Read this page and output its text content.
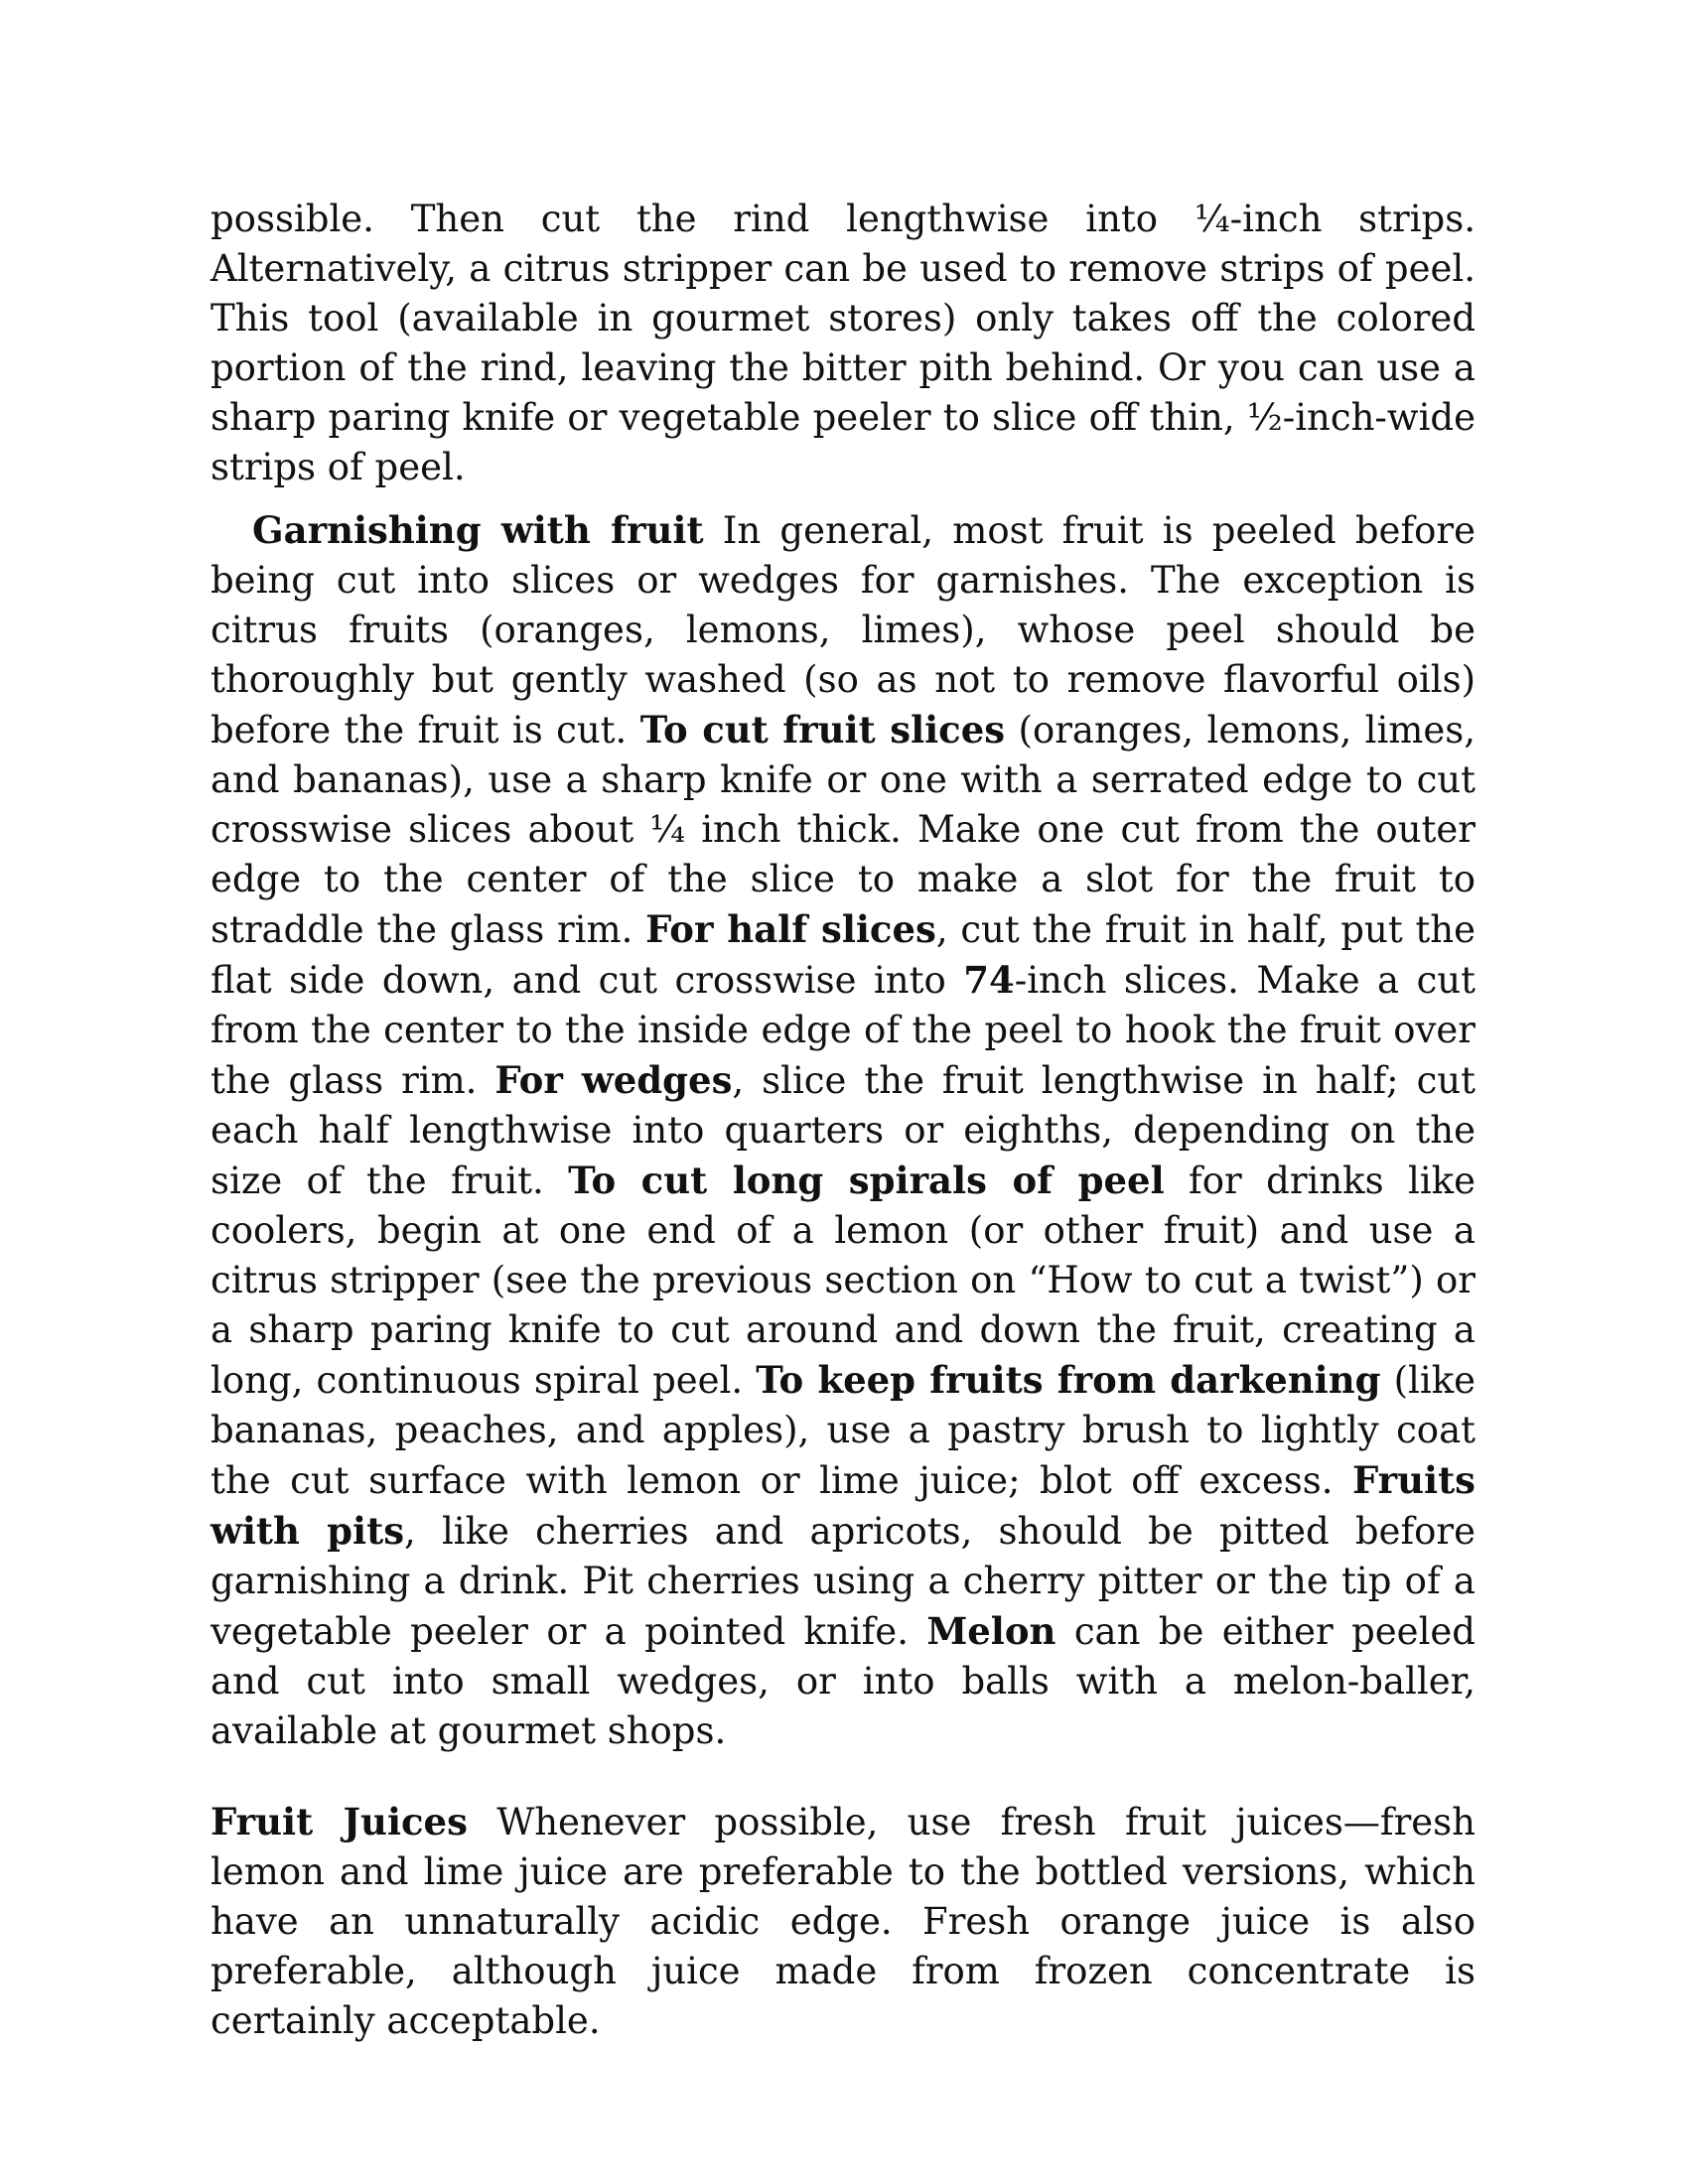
possible. Then cut the rind lengthwise into ¼-inch strips. Alternatively, a citrus stripper can be used to remove strips of peel. This tool (available in gourmet stores) only takes off the colored portion of the rind, leaving the bitter pith behind. Or you can use a sharp paring knife or vegetable peeler to slice off thin, ½-inch-wide strips of peel.

Garnishing with fruit In general, most fruit is peeled before being cut into slices or wedges for garnishes. The exception is citrus fruits (oranges, lemons, limes), whose peel should be thoroughly but gently washed (so as not to remove flavorful oils) before the fruit is cut. To cut fruit slices (oranges, lemons, limes, and bananas), use a sharp knife or one with a serrated edge to cut crosswise slices about ¼ inch thick. Make one cut from the outer edge to the center of the slice to make a slot for the fruit to straddle the glass rim. For half slices, cut the fruit in half, put the flat side down, and cut crosswise into 74-inch slices. Make a cut from the center to the inside edge of the peel to hook the fruit over the glass rim. For wedges, slice the fruit lengthwise in half; cut each half lengthwise into quarters or eighths, depending on the size of the fruit. To cut long spirals of peel for drinks like coolers, begin at one end of a lemon (or other fruit) and use a citrus stripper (see the previous section on “How to cut a twist”) or a sharp paring knife to cut around and down the fruit, creating a long, continuous spiral peel. To keep fruits from darkening (like bananas, peaches, and apples), use a pastry brush to lightly coat the cut surface with lemon or lime juice; blot off excess. Fruits with pits, like cherries and apricots, should be pitted before garnishing a drink. Pit cherries using a cherry pitter or the tip of a vegetable peeler or a pointed knife. Melon can be either peeled and cut into small wedges, or into balls with a melon-baller, available at gourmet shops.

Fruit Juices Whenever possible, use fresh fruit juices—fresh lemon and lime juice are preferable to the bottled versions, which have an unnaturally acidic edge. Fresh orange juice is also preferable, although juice made from frozen concentrate is certainly acceptable.
